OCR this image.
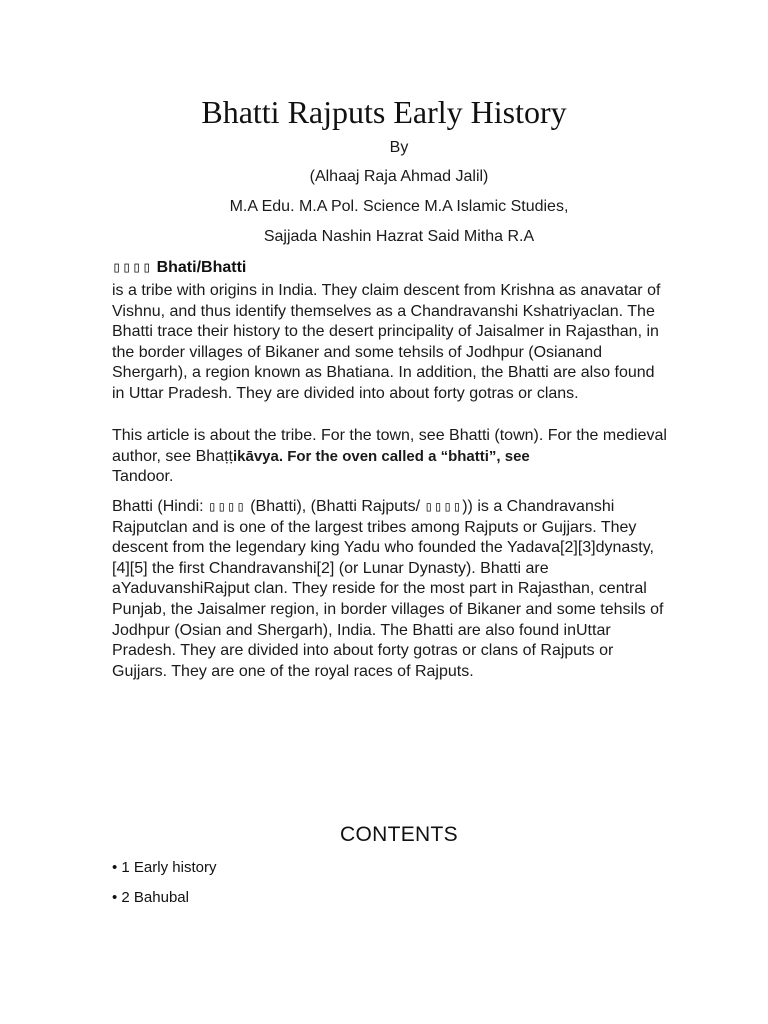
Bhatti Rajputs Early History
By
(Alhaaj Raja Ahmad Jalil)
M.A Edu. M.A Pol. Science M.A Islamic Studies,
Sajjada Nashin Hazrat Said Mitha R.A
▯▯▯▯ Bhati/Bhatti

is a tribe with origins in India. They claim descent from Krishna as anavatar of Vishnu, and thus identify themselves as a Chandravanshi Kshatriyaclan. The Bhatti trace their history to the desert principality of Jaisalmer in Rajasthan, in the border villages of Bikaner and some tehsils of Jodhpur (Osianand Shergarh), a region known as Bhatiana. In addition, the Bhatti are also found in Uttar Pradesh. They are divided into about forty gotras or clans.

This article is about the tribe. For the town, see Bhatti (town). For the medieval author, see Bhaṭṭikāvya. For the oven called a “bhatti”, see
Tandoor.

Bhatti (Hindi: ▯▯▯▯ (Bhatti), (Bhatti Rajputs/ ▯▯▯▯)) is a Chandravanshi Rajputclan and is one of the largest tribes among Rajputs or Gujjars. They descent from the legendary king Yadu who founded the Yadava[2][3]dynasty,[4][5] the first Chandravanshi[2] (or Lunar Dynasty). Bhatti are aYaduvanshiRajput clan. They reside for the most part in Rajasthan, central Punjab, the Jaisalmer region, in border villages of Bikaner and some tehsils of Jodhpur (Osian and Shergarh), India. The Bhatti are also found inUttar Pradesh. They are divided into about forty gotras or clans of Rajputs or Gujjars. They are one of the royal races of Rajputs.

CONTENTS
• 1 Early history
• 2 Bahubal
